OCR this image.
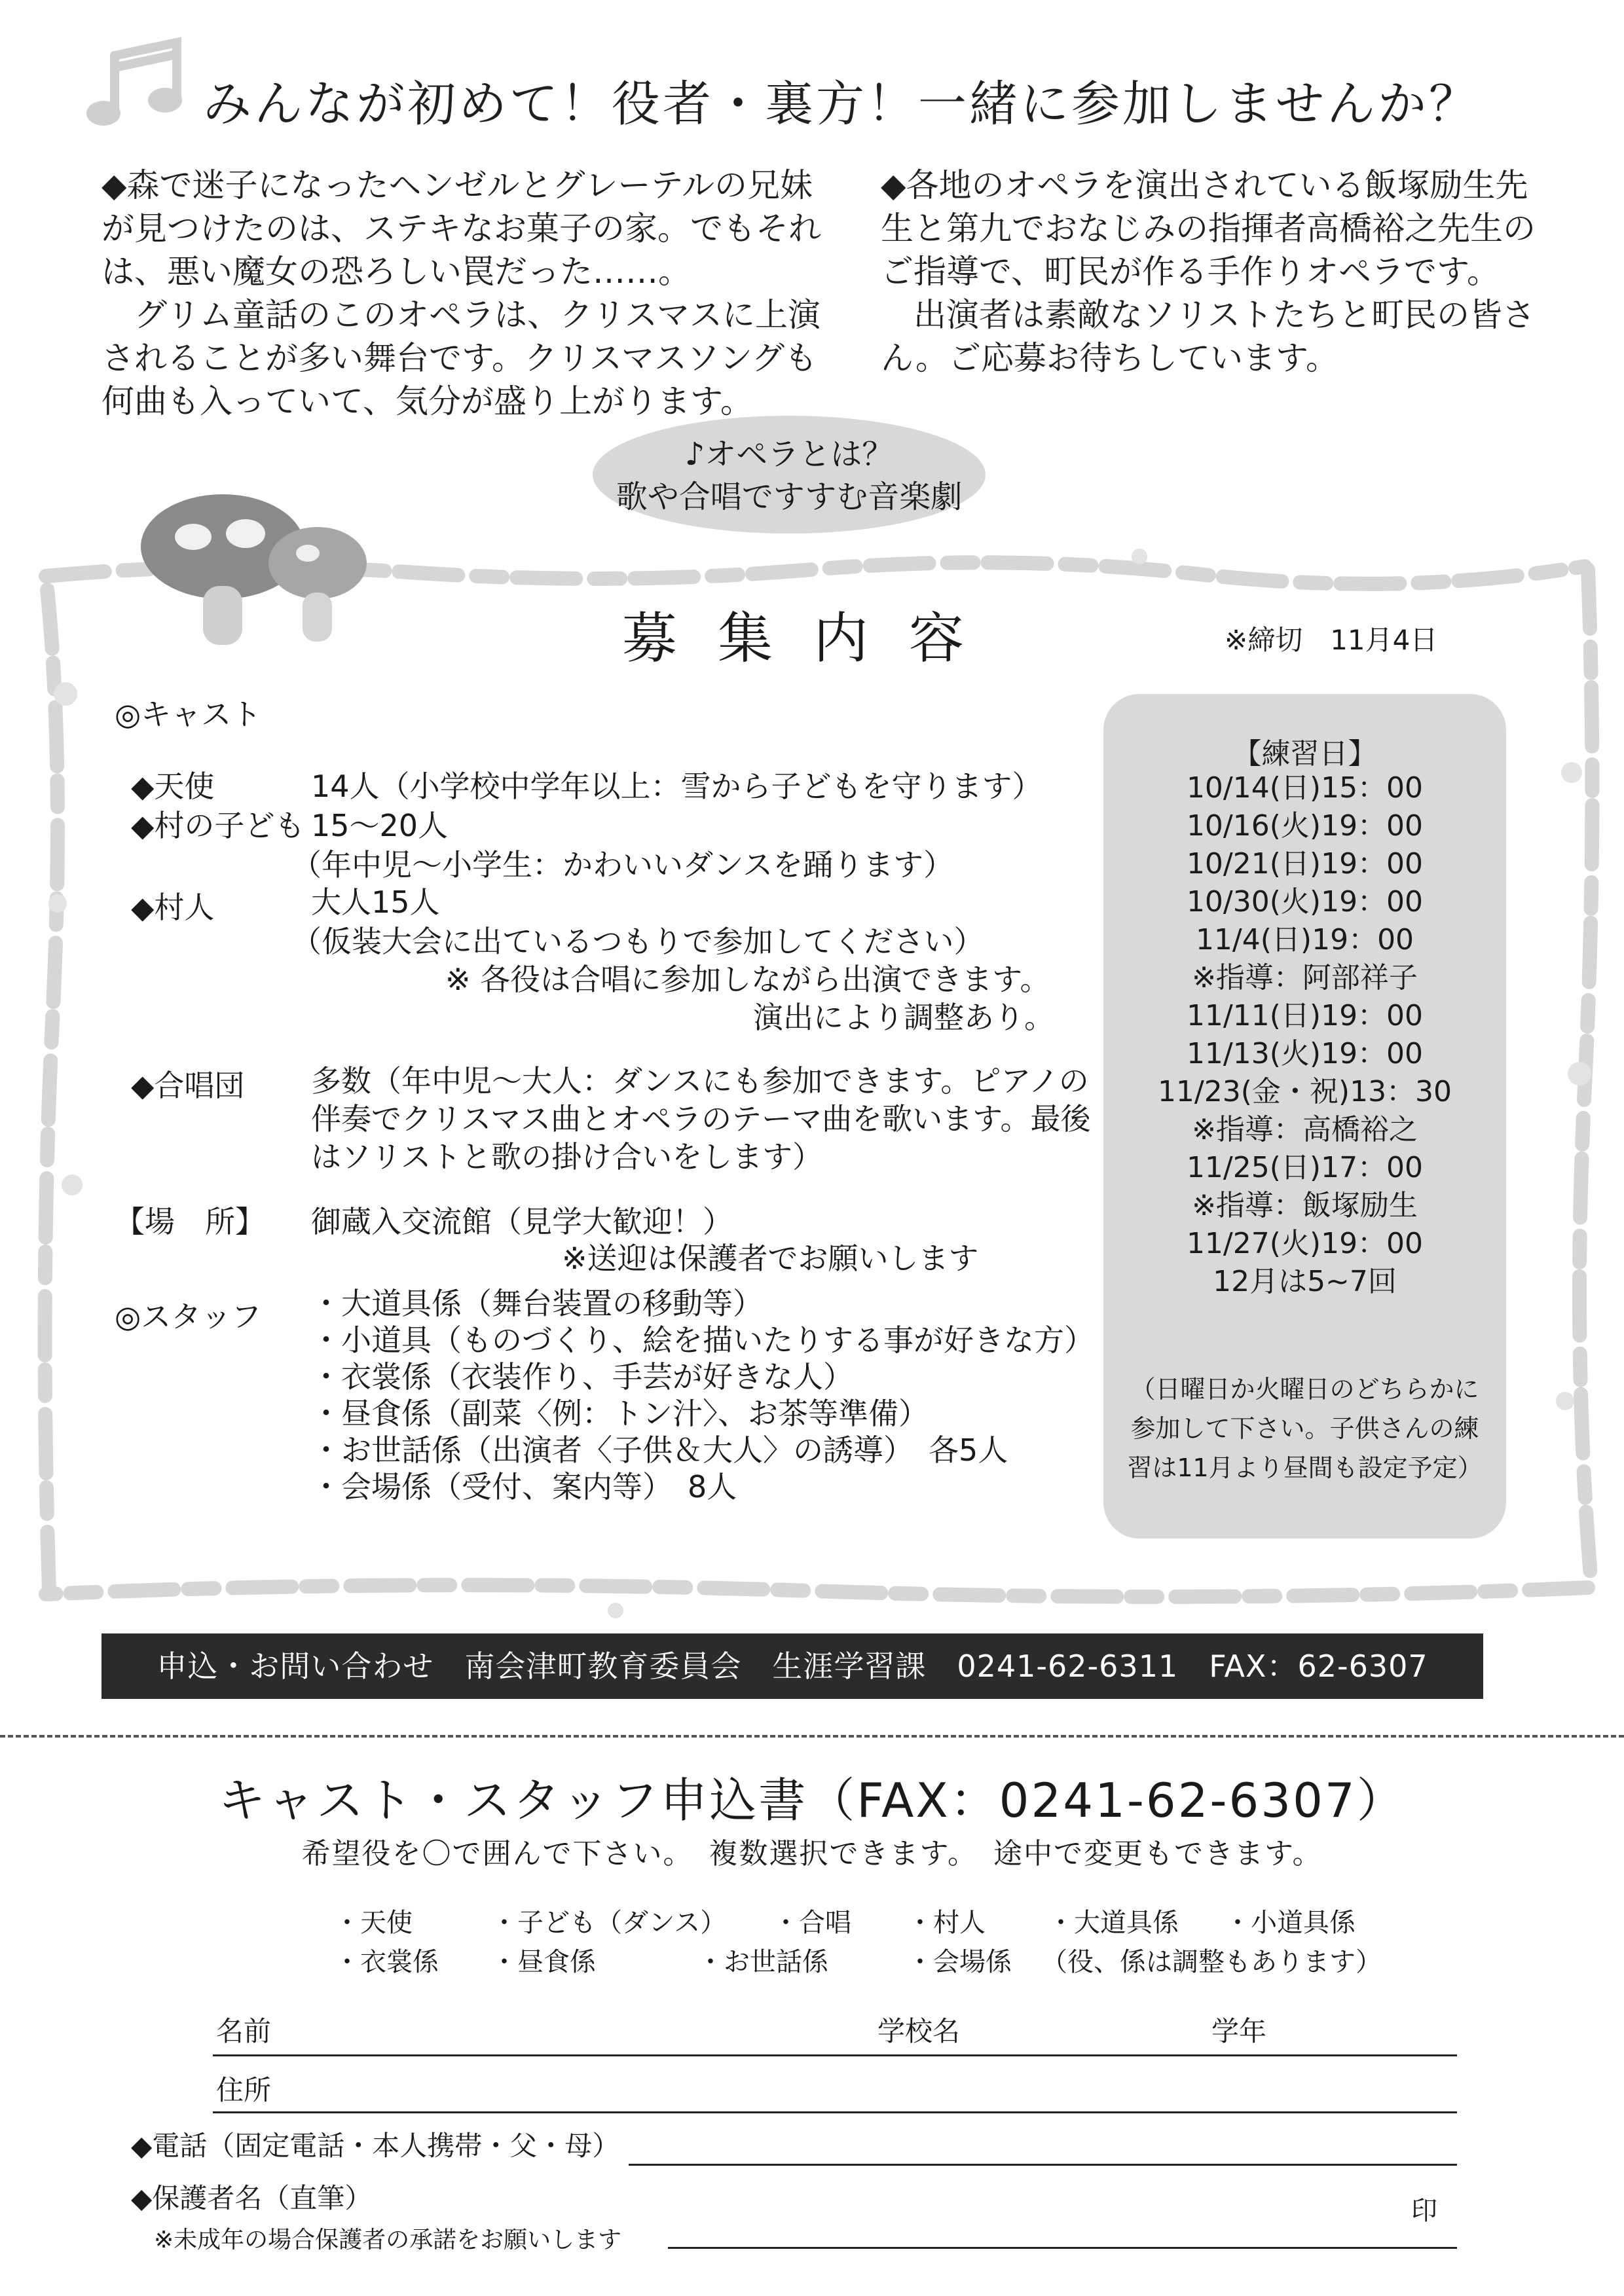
みんなが初めて！役者・裏方！一緒に参加しませんか？

◆森で迷子になったヘンゼルとグレーテルの兄妹

が見つけたのは、ステキなお菓子の家。でもそれ

は、悪い魔女の恐ろしい罠だった……。

　グリム童話のこのオペラは、クリスマスに上演

されることが多い舞台です。クリスマスソングも

何曲も入っていて、気分が盛り上がります。

◆各地のオペラを演出されている飯塚励生先

生と第九でおなじみの指揮者高橋裕之先生の

ご指導で、町民が作る手作りオペラです。

　出演者は素敵なソリストたちと町民の皆さ

ん。ご応募お待ちしています。

♪オペラとは？
歌や合唱ですすむ音楽劇
募集内容	※締切　11月4日
◎キャスト
◆天使	14人（小学校中学年以上：雪から子どもを守ります）
◆村の子ども 15〜20人
（年中児〜小学生：かわいいダンスを踊ります）
◆村人	大人15人
（仮装大会に出ているつもりで参加してください）
※ 各役は合唱に参加しながら出演できます。
演出により調整あり。
◆合唱団 多数（年中児〜大人：ダンスにも参加できます。ピアノの
伴奏でクリスマス曲とオペラのテーマ曲を歌います。最後
はソリストと歌の掛け合いをします）
【場　所】 御蔵入交流館（見学大歓迎！）
※送迎は保護者でお願いします
◎スタッフ ・大道具係（舞台装置の移動等）
・小道具（ものづくり、絵を描いたりする事が好きな方）
・衣裳係（衣装作り、手芸が好きな人）
・昼食係（副菜〈例：トン汁〉、お茶等準備）
・お世話係（出演者〈子供＆大人〉の誘導）　各5人
・会場係（受付、案内等）　8人
【練習日】
10/14(日)15：00
10/16(火)19：00
10/21(日)19：00
10/30(火)19：00
11/4(日)19：00
※指導：阿部祥子
11/11(日)19：00
11/13(火)19：00
11/23(金・祝)13：30
※指導：高橋裕之
11/25(日)17：00
※指導：飯塚励生
11/27(火)19：00
12月は5~7回
（日曜日か火曜日のどちらかに
参加して下さい。子供さんの練
習は11月より昼間も設定予定）
申込・お問い合わせ　南会津町教育委員会　生涯学習課　0241-62-6311　FAX：62-6307
キャスト・スタッフ申込書（FAX：0241-62-6307）
希望役を〇で囲んで下さい。　複数選択できます。　途中で変更もできます。
・天使	・子ども（ダンス） ・合唱 ・村人 ・大道具係 ・小道具係
・衣裳係 ・昼食係	・お世話係	・会場係 （役、係は調整もあります）
名前	学校名	学年
住所
◆電話（固定電話・本人携帯・父・母）
◆保護者名（直筆）	印
※未成年の場合保護者の承諾をお願いします
